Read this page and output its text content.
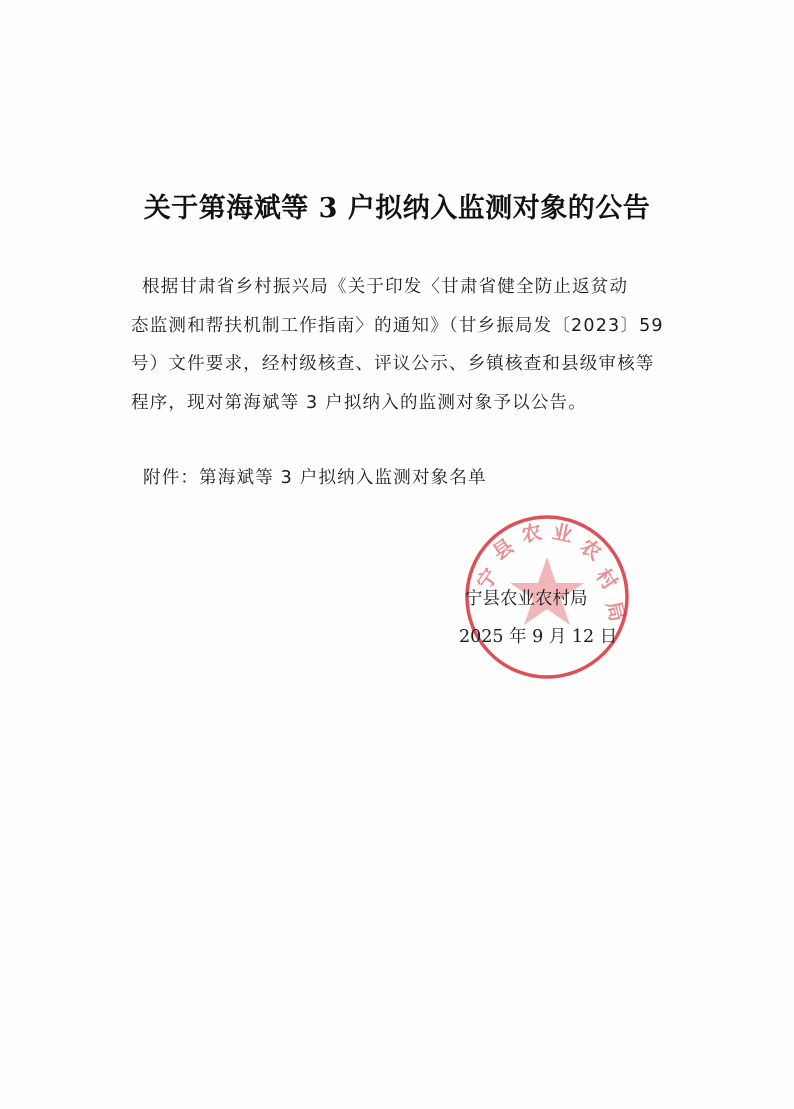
关于第海斌等 3 户拟纳入监测对象的公告
根据甘肃省乡村振兴局《关于印发〈甘肃省健全防止返贫动
态监测和帮扶机制工作指南〉的通知》（甘乡振局发〔2023〕59
号）文件要求，经村级核查、评议公示、乡镇核查和县级审核等
程序，现对第海斌等 3 户拟纳入的监测对象予以公告。
附件：第海斌等 3 户拟纳入监测对象名单
宁
县
农 业
农
村
局
宁县农业农村局
2025 年 9 月 12 日
